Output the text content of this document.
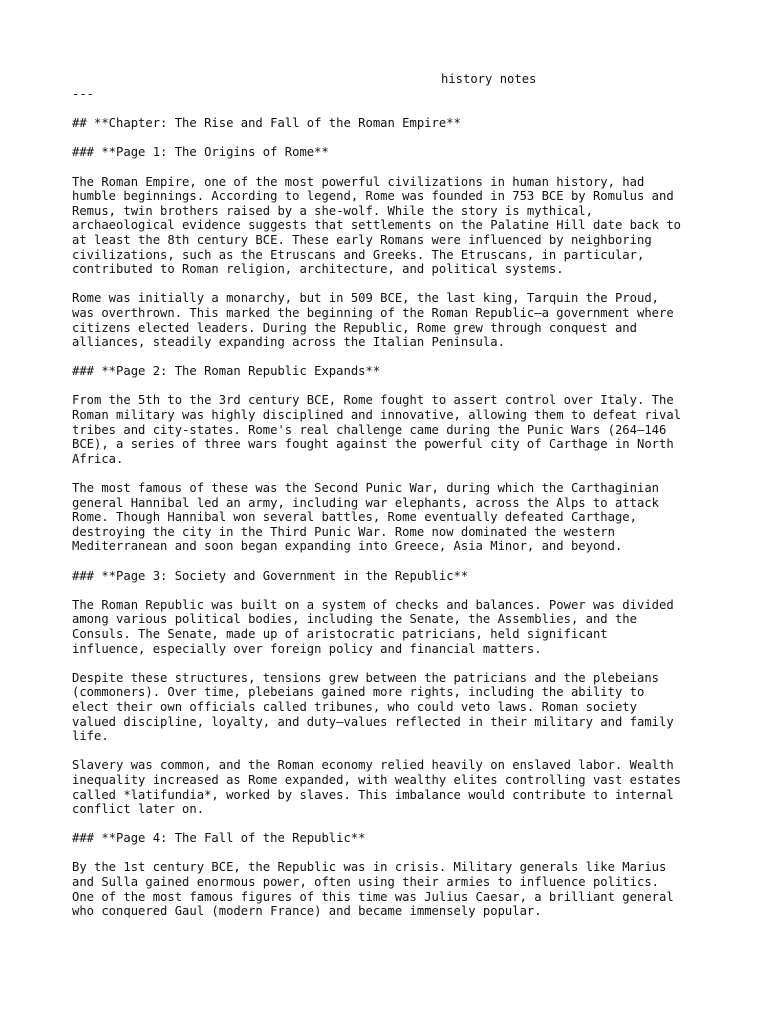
history notes
---
## **Chapter: The Rise and Fall of the Roman Empire**
### **Page 1: The Origins of Rome**
The Roman Empire, one of the most powerful civilizations in human history, had
humble beginnings. According to legend, Rome was founded in 753 BCE by Romulus and
Remus, twin brothers raised by a she-wolf. While the story is mythical,
archaeological evidence suggests that settlements on the Palatine Hill date back to
at least the 8th century BCE. These early Romans were influenced by neighboring
civilizations, such as the Etruscans and Greeks. The Etruscans, in particular,
contributed to Roman religion, architecture, and political systems.
Rome was initially a monarchy, but in 509 BCE, the last king, Tarquin the Proud,
was overthrown. This marked the beginning of the Roman Republic—a government where
citizens elected leaders. During the Republic, Rome grew through conquest and
alliances, steadily expanding across the Italian Peninsula.
### **Page 2: The Roman Republic Expands**
From the 5th to the 3rd century BCE, Rome fought to assert control over Italy. The
Roman military was highly disciplined and innovative, allowing them to defeat rival
tribes and city-states. Rome's real challenge came during the Punic Wars (264–146
BCE), a series of three wars fought against the powerful city of Carthage in North
Africa.
The most famous of these was the Second Punic War, during which the Carthaginian
general Hannibal led an army, including war elephants, across the Alps to attack
Rome. Though Hannibal won several battles, Rome eventually defeated Carthage,
destroying the city in the Third Punic War. Rome now dominated the western
Mediterranean and soon began expanding into Greece, Asia Minor, and beyond.
### **Page 3: Society and Government in the Republic**
The Roman Republic was built on a system of checks and balances. Power was divided
among various political bodies, including the Senate, the Assemblies, and the
Consuls. The Senate, made up of aristocratic patricians, held significant
influence, especially over foreign policy and financial matters.
Despite these structures, tensions grew between the patricians and the plebeians
(commoners). Over time, plebeians gained more rights, including the ability to
elect their own officials called tribunes, who could veto laws. Roman society
valued discipline, loyalty, and duty—values reflected in their military and family
life.
Slavery was common, and the Roman economy relied heavily on enslaved labor. Wealth
inequality increased as Rome expanded, with wealthy elites controlling vast estates
called *latifundia*, worked by slaves. This imbalance would contribute to internal
conflict later on.
### **Page 4: The Fall of the Republic**
By the 1st century BCE, the Republic was in crisis. Military generals like Marius
and Sulla gained enormous power, often using their armies to influence politics.
One of the most famous figures of this time was Julius Caesar, a brilliant general
who conquered Gaul (modern France) and became immensely popular.
